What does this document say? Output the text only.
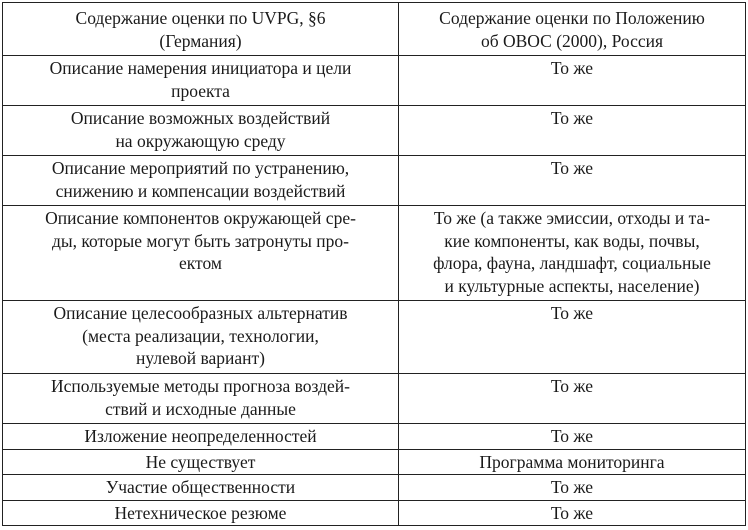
Содержание оценки по UVPG, §6
(Германия)	Содержание оценки по Положению
об ОВОС (2000), Россия
Описание намерения инициатора и цели
проекта	То же
Описание возможных воздействий
на окружающую среду	То же
Описание мероприятий по устранению,
снижению и компенсации воздействий	То же
Описание компонентов окружающей сре-
ды, которые могут быть затронуты про-
ектом	То же (а также эмиссии, отходы и та-
кие компоненты, как воды, почвы,
флора, фауна, ландшафт, социальные
и культурные аспекты, население)
Описание целесообразных альтернатив
(места реализации, технологии,
нулевой вариант)	То же
Используемые методы прогноза воздей-
ствий и исходные данные	То же
Изложение неопределенностей	То же
Не существует	Программа мониторинга
Участие общественности	То же
Нетехническое резюме	То же
